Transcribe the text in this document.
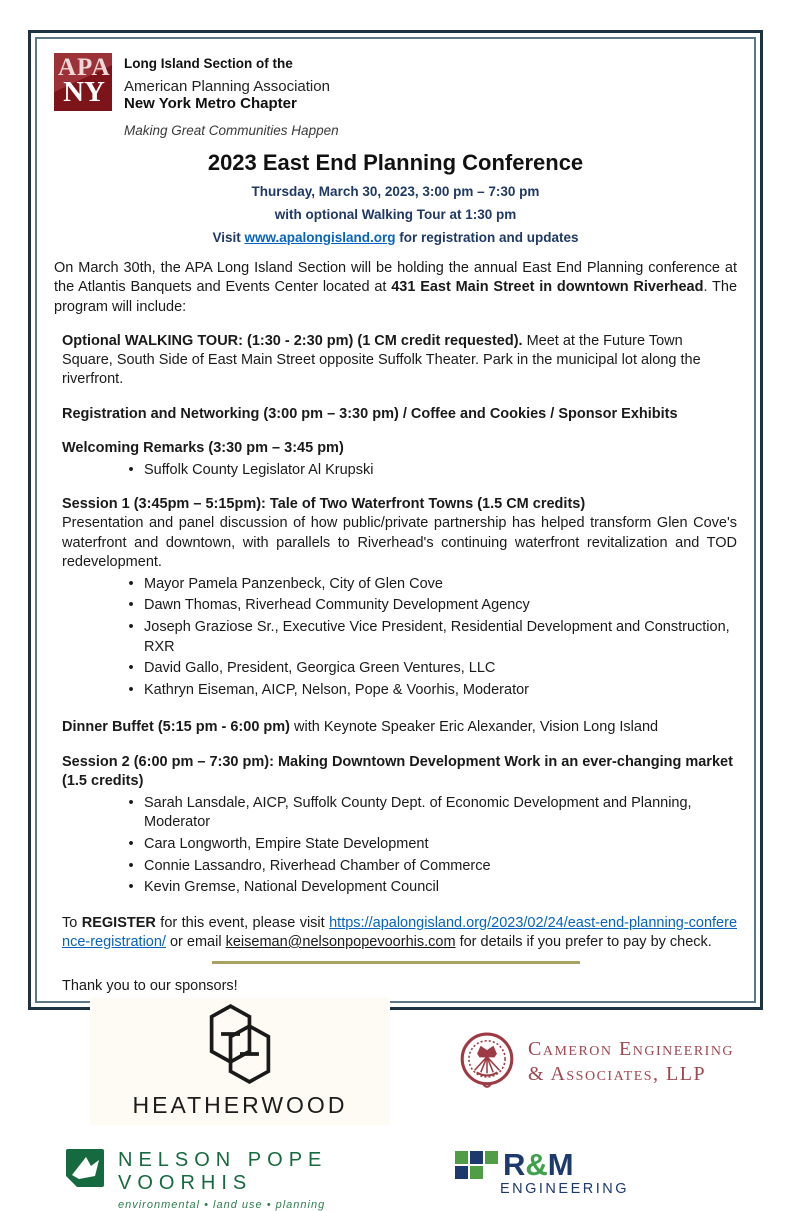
APA
NY
Long Island Section of the
American Planning Association
New York Metro Chapter
Making Great Communities Happen
2023 East End Planning Conference
Thursday, March 30, 2023, 3:00 pm – 7:30 pm
with optional Walking Tour at 1:30 pm
Visit www.apalongisland.org for registration and updates

On March 30th, the APA Long Island Section will be holding the annual East End Planning conference at the Atlantis Banquets and Events Center located at 431 East Main Street in downtown Riverhead. The program will include:

Optional WALKING TOUR: (1:30 - 2:30 pm) (1 CM credit requested). Meet at the Future Town Square, South Side of East Main Street opposite Suffolk Theater. Park in the municipal lot along the riverfront.

Registration and Networking (3:00 pm – 3:30 pm) / Coffee and Cookies / Sponsor Exhibits

Welcoming Remarks (3:30 pm – 3:45 pm)
• Suffolk County Legislator Al Krupski
Session 1 (3:45pm – 5:15pm): Tale of Two Waterfront Towns (1.5 CM credits)
Presentation and panel discussion of how public/private partnership has helped transform Glen Cove's waterfront and downtown, with parallels to Riverhead's continuing waterfront revitalization and TOD redevelopment.
• Mayor Pamela Panzenbeck, City of Glen Cove
• Dawn Thomas, Riverhead Community Development Agency
• Joseph Graziose Sr., Executive Vice President, Residential Development and Construction, RXR
• David Gallo, President, Georgica Green Ventures, LLC
• Kathryn Eiseman, AICP, Nelson, Pope & Voorhis, Moderator

Dinner Buffet (5:15 pm - 6:00 pm) with Keynote Speaker Eric Alexander, Vision Long Island

Session 2 (6:00 pm – 7:30 pm): Making Downtown Development Work in an ever-changing market (1.5 credits)
• Sarah Lansdale, AICP, Suffolk County Dept. of Economic Development and Planning, Moderator
• Cara Longworth, Empire State Development
• Connie Lassandro, Riverhead Chamber of Commerce
• Kevin Gremse, National Development Council

To REGISTER for this event, please visit https://apalongisland.org/2023/02/24/east-end-planning-conference-registration/ or email keiseman@nelsonpopevoorhis.com for details if you prefer to pay by check.

Thank you to our sponsors!

HEATHERWOOD
Cameron Engineering
& Associates, LLP
NELSON POPE VOORHIS
environmental • land use • planning
R&M
ENGINEERING
